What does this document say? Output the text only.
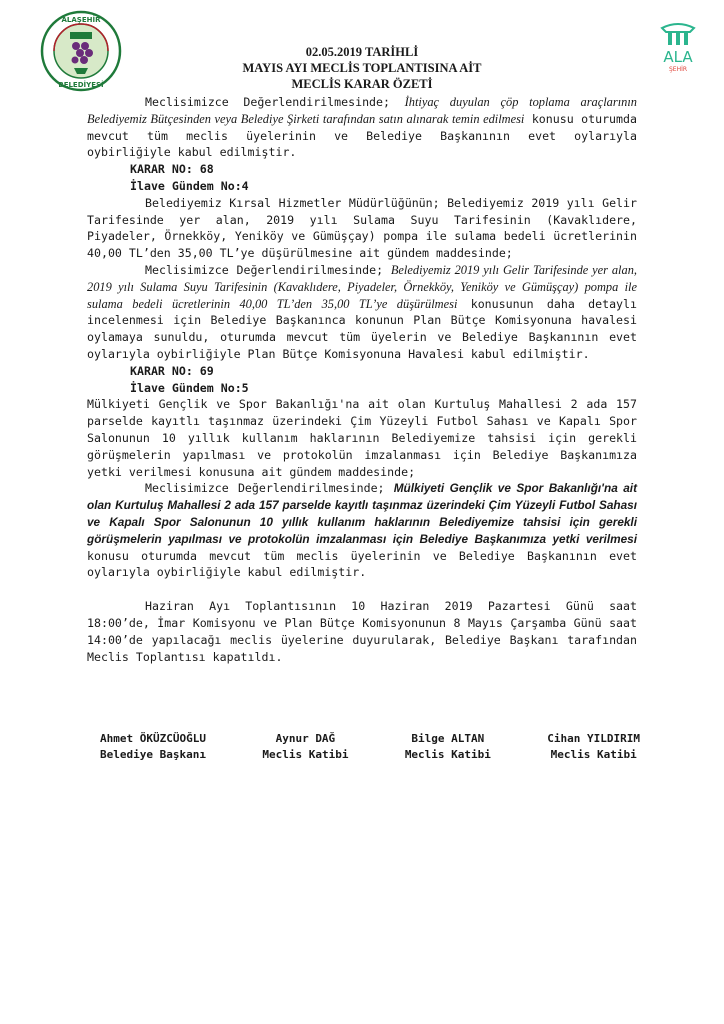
ALAŞEHİR
BELEDİYESİ
ALA
ŞEHİR
02.05.2019 TARİHLİ
MAYIS AYI MECLİS TOPLANTISINA AİT
MECLİS KARAR ÖZETİ

Meclisimizce Değerlendirilmesinde; İhtiyaç duyulan çöp toplama araçlarının Belediyemiz Bütçesinden veya Belediye Şirketi tarafından satın alınarak temin edilmesi konusu oturumda mevcut tüm meclis üyelerinin ve Belediye Başkanının evet oylarıyla oybirliğiyle kabul edilmiştir.

KARAR NO: 68

İlave Gündem No:4

Belediyemiz Kırsal Hizmetler Müdürlüğünün; Belediyemiz 2019 yılı Gelir Tarifesinde yer alan, 2019 yılı Sulama Suyu Tarifesinin (Kavaklıdere, Piyadeler, Örnekköy, Yeniköy ve Gümüşçay) pompa ile sulama bedeli ücretlerinin 40,00 TL’den 35,00 TL’ye düşürülmesine ait gündem maddesinde;

Meclisimizce Değerlendirilmesinde; Belediyemiz 2019 yılı Gelir Tarifesinde yer alan, 2019 yılı Sulama Suyu Tarifesinin (Kavaklıdere, Piyadeler, Örnekköy, Yeniköy ve Gümüşçay) pompa ile sulama bedeli ücretlerinin 40,00 TL’den 35,00 TL’ye düşürülmesi konusunun daha detaylı incelenmesi için Belediye Başkanınca konunun Plan Bütçe Komisyonuna havalesi oylamaya sunuldu, oturumda mevcut tüm üyelerin ve Belediye Başkanının evet oylarıyla oybirliğiyle Plan Bütçe Komisyonuna Havalesi kabul edilmiştir.

KARAR NO: 69

İlave Gündem No:5

Mülkiyeti Gençlik ve Spor Bakanlığı'na ait olan Kurtuluş Mahallesi 2 ada 157 parselde kayıtlı taşınmaz üzerindeki Çim Yüzeyli Futbol Sahası ve Kapalı Spor Salonunun 10 yıllık kullanım haklarının Belediyemize tahsisi için gerekli görüşmelerin yapılması ve protokolün imzalanması için Belediye Başkanımıza yetki verilmesi konusuna ait gündem maddesinde;

Meclisimizce Değerlendirilmesinde; Mülkiyeti Gençlik ve Spor Bakanlığı'na ait olan Kurtuluş Mahallesi 2 ada 157 parselde kayıtlı taşınmaz üzerindeki Çim Yüzeyli Futbol Sahası ve Kapalı Spor Salonunun 10 yıllık kullanım haklarının Belediyemize tahsisi için gerekli görüşmelerin yapılması ve protokolün imzalanması için Belediye Başkanımıza yetki verilmesi konusu oturumda mevcut tüm meclis üyelerinin ve Belediye Başkanının evet oylarıyla oybirliğiyle kabul edilmiştir.

Haziran Ayı Toplantısının 10 Haziran 2019 Pazartesi Günü saat 18:00’de, İmar Komisyonu ve Plan Bütçe Komisyonunun 8 Mayıs Çarşamba Günü saat 14:00’de yapılacağı meclis üyelerine duyurularak, Belediye Başkanı tarafından Meclis Toplantısı kapatıldı.

Ahmet ÖKÜZCÜOĞLU
Belediye Başkanı
Aynur DAĞ
Meclis Katibi
Bilge ALTAN
Meclis Katibi
Cihan YILDIRIM
Meclis Katibi
